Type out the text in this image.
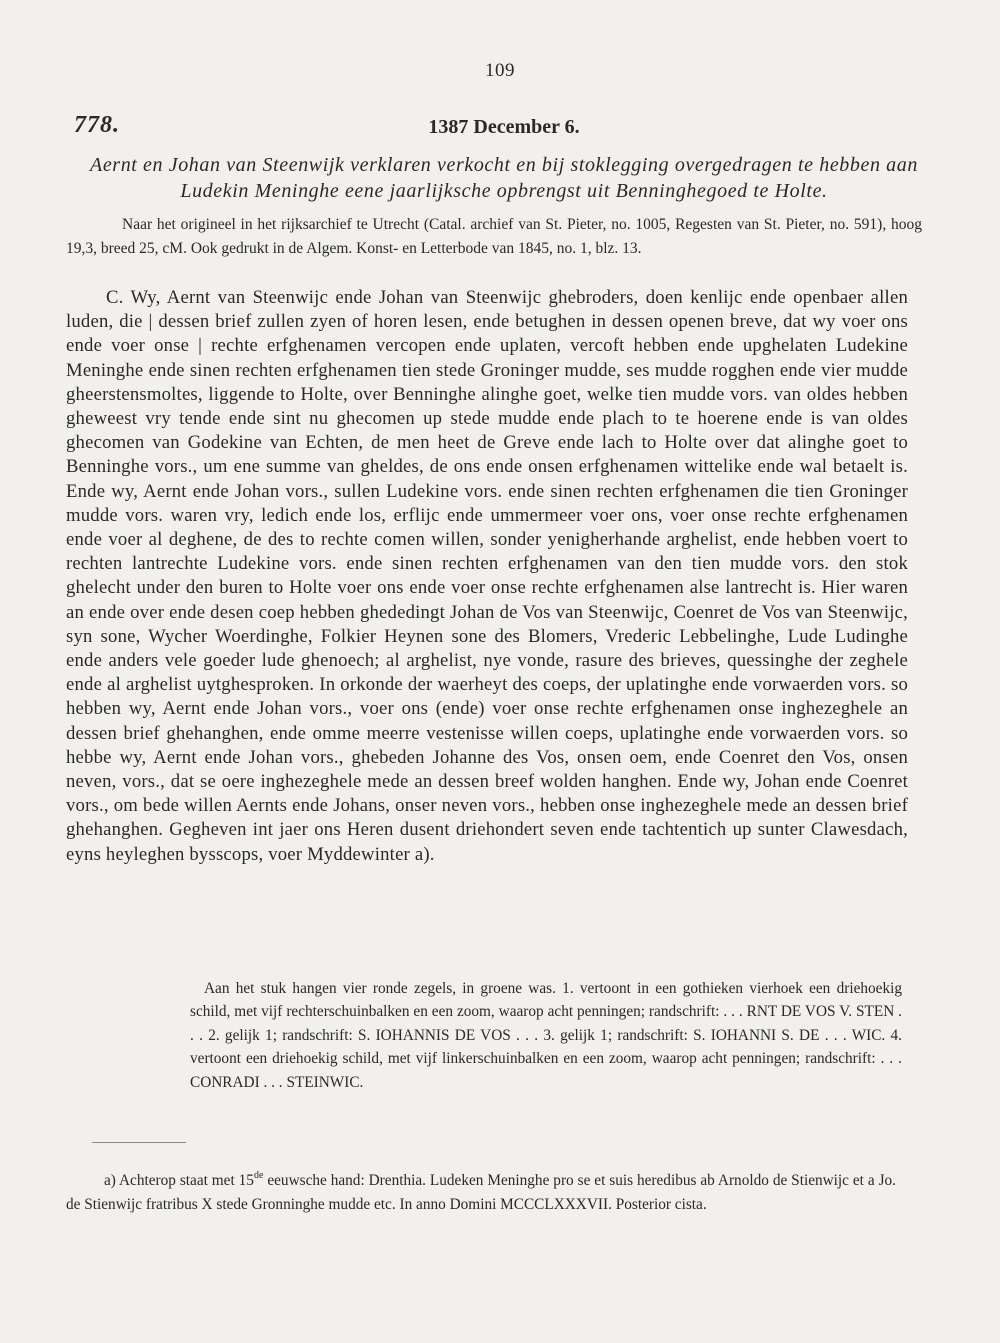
109
778.	1387 December 6.
Aernt en Johan van Steenwijk verklaren verkocht en bij stoklegging overgedragen te hebben aan Ludekin Meninghe eene jaarlijksche opbrengst uit Benninghegoed te Holte.
Naar het origineel in het rijksarchief te Utrecht (Catal. archief van St. Pieter, no. 1005, Regesten van St. Pieter, no. 591), hoog 19,3, breed 25, cM. Ook gedrukt in de Algem. Konst- en Letterbode van 1845, no. 1, blz. 13.
C. Wy, Aernt van Steenwijc ende Johan van Steenwijc ghebroders, doen kenlijc ende openbaer allen luden, die | dessen brief zullen zyen of horen lesen, ende betughen in dessen openen breve, dat wy voer ons ende voer onse | rechte erfghenamen vercopen ende uplaten, vercoft hebben ende upghelaten Ludekine Meninghe ende sinen rechten erfghenamen tien stede Groninger mudde, ses mudde rogghen ende vier mudde gheerstensmoltes, liggende to Holte, over Benninghe alinghe goet, welke tien mudde vors. van oldes hebben gheweest vry tende ende sint nu ghecomen up stede mudde ende plach to te hoerene ende is van oldes ghecomen van Godekine van Echten, de men heet de Greve ende lach to Holte over dat alinghe goet to Benninghe vors., um ene summe van gheldes, de ons ende onsen erfghenamen wittelike ende wal betaelt is. Ende wy, Aernt ende Johan vors., sullen Ludekine vors. ende sinen rechten erfghenamen die tien Groninger mudde vors. waren vry, ledich ende los, erflijc ende ummermeer voer ons, voer onse rechte erfghenamen ende voer al deghene, de des to rechte comen willen, sonder yenigherhande arghelist, ende hebben voert to rechten lantrechte Ludekine vors. ende sinen rechten erfghenamen van den tien mudde vors. den stok ghelecht under den buren to Holte voer ons ende voer onse rechte erfghenamen alse lantrecht is. Hier waren an ende over ende desen coep hebben ghededingt Johan de Vos van Steenwijc, Coenret de Vos van Steenwijc, syn sone, Wycher Woerdinghe, Folkier Heynen sone des Blomers, Vrederic Lebbelinghe, Lude Ludinghe ende anders vele goeder lude ghenoech; al arghelist, nye vonde, rasure des brieves, quessinghe der zeghele ende al arghelist uytghesproken. In orkonde der waerheyt des coeps, der uplatinghe ende vorwaerden vors. so hebben wy, Aernt ende Johan vors., voer ons (ende) voer onse rechte erfghenamen onse inghezeghele an dessen brief ghehanghen, ende omme meerre vestenisse willen coeps, uplatinghe ende vorwaerden vors. so hebbe wy, Aernt ende Johan vors., ghebeden Johanne des Vos, onsen oem, ende Coenret den Vos, onsen neven, vors., dat se oere inghezeghele mede an dessen breef wolden hanghen. Ende wy, Johan ende Coenret vors., om bede willen Aernts ende Johans, onser neven vors., hebben onse inghezeghele mede an dessen brief ghehanghen. Gegheven int jaer ons Heren dusent driehondert seven ende tachtentich up sunter Clawesdach, eyns heyleghen bysscops, voer Myddewinter a).
Aan het stuk hangen vier ronde zegels, in groene was. 1. vertoont in een gothieken vierhoek een driehoekig schild, met vijf rechterschuinbalken en een zoom, waarop acht penningen; randschrift: . . . RNT DE VOS V. STEN . . . 2. gelijk 1; randschrift: S. IOHANNIS DE VOS . . . 3. gelijk 1; randschrift: S. IOHANNI S. DE . . . WIC. 4. vertoont een driehoekig schild, met vijf linkerschuinbalken en een zoom, waarop acht penningen; randschrift: . . . CONRADI . . . STEINWIC.
a) Achterop staat met 15de eeuwsche hand: Drenthia. Ludeken Meninghe pro se et suis heredibus ab Arnoldo de Stienwijc et a Jo. de Stienwijc fratribus X stede Gronninghe mudde etc. In anno Domini MCCCLXXXVII. Posterior cista.
